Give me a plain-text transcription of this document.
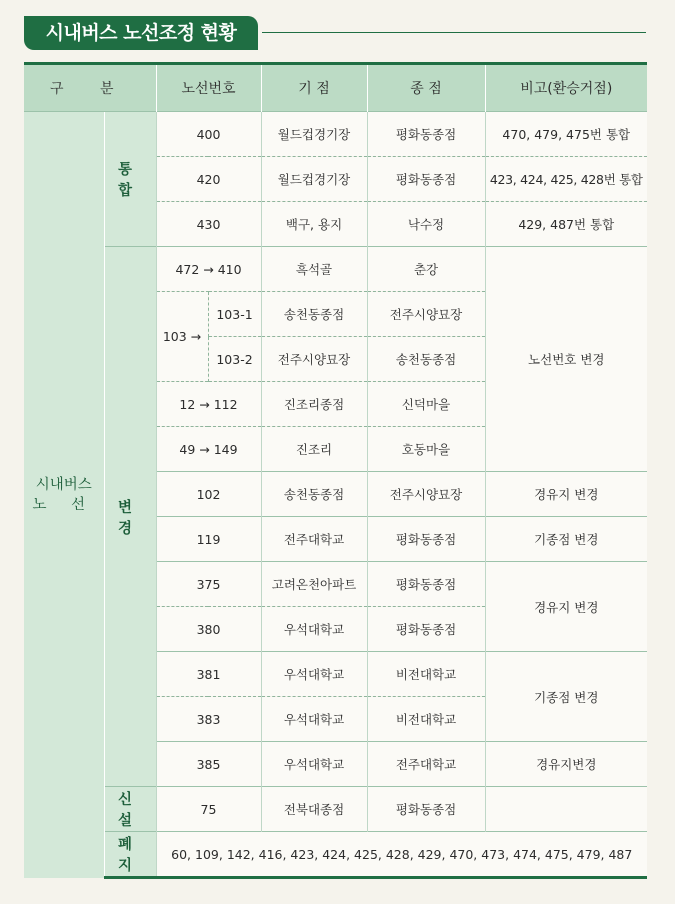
시내버스 노선조정 현황
구 분		노선번호		기 점	종 점	비고(환승거점)

시내버스
노 선	통 합	400		월드컵경기장	평화동종점	470, 479, 475번 통합
		420		월드컵경기장	평화동종점	423, 424, 425, 428번 통합
		430		백구, 용지	낙수정	429, 487번 통합
	변 경	472 → 410		흑석골	춘강	노선번호 변경
		103 →	103-1	송천동종점	전주시양묘장	
			103-2	전주시양묘장	송천동종점	
		12 → 112		진조리종점	신덕마을	
		49 → 149		진조리	호동마을	
		102		송천동종점	전주시양묘장	경유지 변경
		119		전주대학교	평화동종점	기종점 변경
		375		고려온천아파트	평화동종점	경유지 변경
		380		우석대학교	평화동종점	
		381		우석대학교	비전대학교	기종점 변경
		383		우석대학교	비전대학교	
		385		우석대학교	전주대학교	경유지변경
	신 설	75		전북대종점	평화동종점	
	폐 지	60, 109, 142, 416, 423, 424, 425, 428, 429, 470, 473, 474, 475, 479, 487				
